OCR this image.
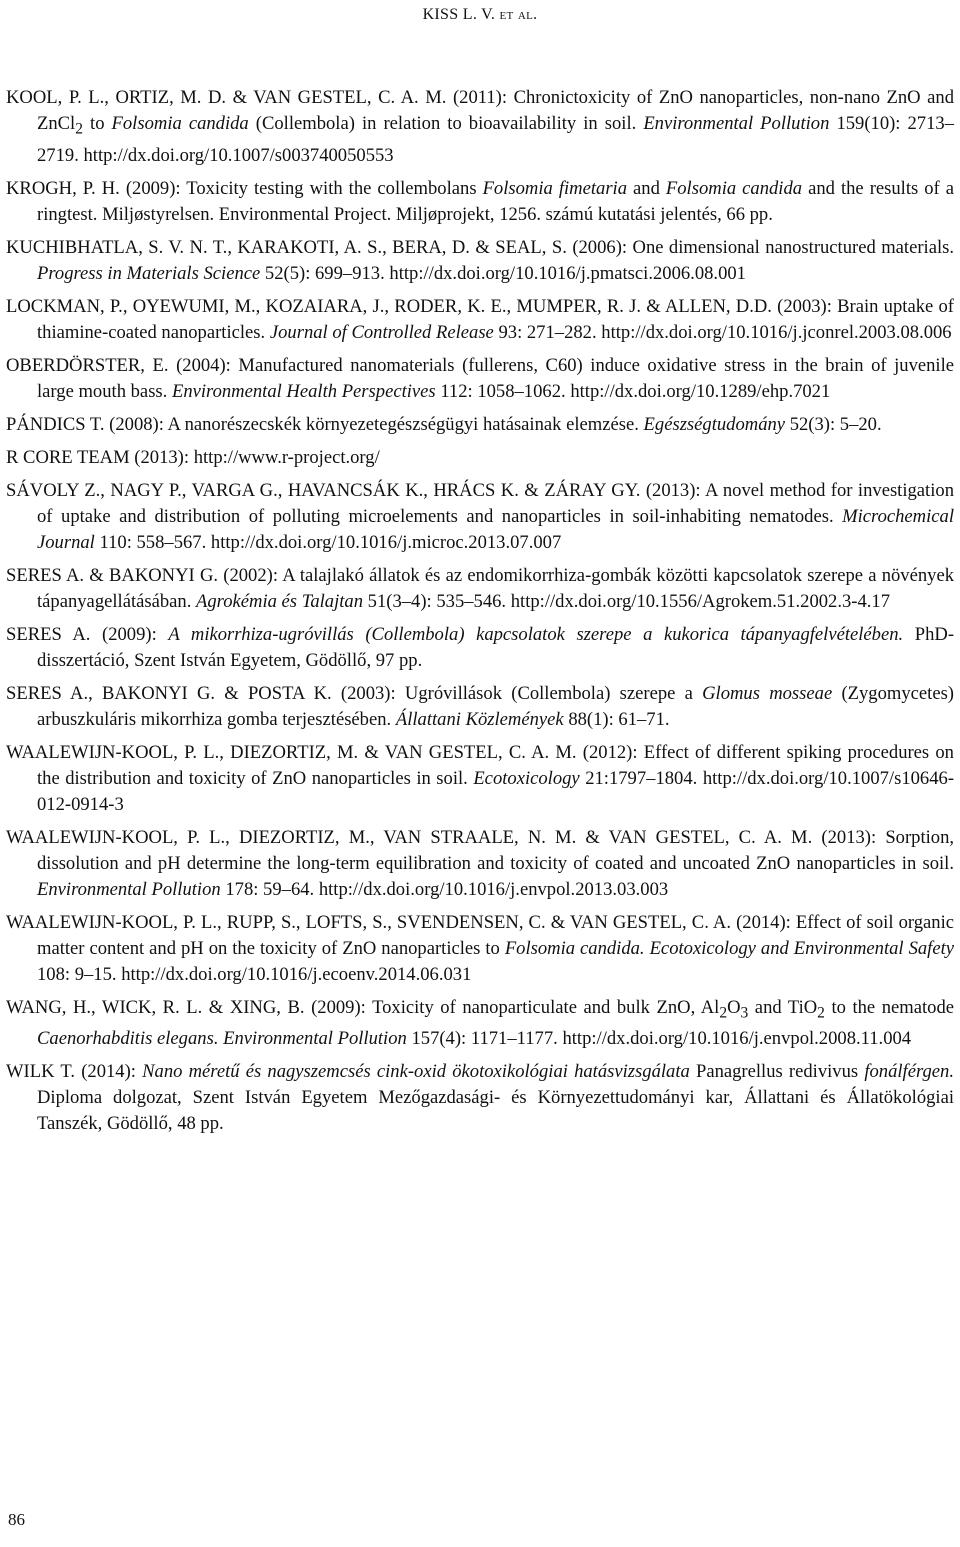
KISS L. V. et al.

KOOL, P. L., ORTIZ, M. D. & VAN GESTEL, C. A. M. (2011): Chronictoxicity of ZnO nanoparticles, non-nano ZnO and ZnCl$_2$ to Folsomia candida (Collembola) in relation to bioavailability in soil. Environmental Pollution 159(10): 2713–2719. http://dx.doi.org/10.1007/s003740050553

KROGH, P. H. (2009): Toxicity testing with the collembolans Folsomia fimetaria and Folsomia candida and the results of a ringtest. Miljøstyrelsen. Environmental Project. Miljøprojekt, 1256. számú kutatási jelentés, 66 pp.

KUCHIBHATLA, S. V. N. T., KARAKOTI, A. S., BERA, D. & SEAL, S. (2006): One dimensional nanostructured materials. Progress in Materials Science 52(5): 699–913. http://dx.doi.org/10.1016/j.pmatsci.2006.08.001

LOCKMAN, P., OYEWUMI, M., KOZAIARA, J., RODER, K. E., MUMPER, R. J. & ALLEN, D.D. (2003): Brain uptake of thiamine-coated nanoparticles. Journal of Controlled Release 93: 271–282. http://dx.doi.org/10.1016/j.jconrel.2003.08.006

OBERDÖRSTER, E. (2004): Manufactured nanomaterials (fullerens, C60) induce oxidative stress in the brain of juvenile large mouth bass. Environmental Health Perspectives 112: 1058–1062. http://dx.doi.org/10.1289/ehp.7021

PÁNDICS T. (2008): A nanorészecskék környezetegészségügyi hatásainak elemzése. Egészségtudomány 52(3): 5–20.

R CORE TEAM (2013): http://www.r-project.org/

SÁVOLY Z., NAGY P., VARGA G., HAVANCSÁK K., HRÁCS K. & ZÁRAY GY. (2013): A novel method for investigation of uptake and distribution of polluting microelements and nanoparticles in soil-inhabiting nematodes. Microchemical Journal 110: 558–567. http://dx.doi.org/10.1016/j.microc.2013.07.007

SERES A. & BAKONYI G. (2002): A talajlakó állatok és az endomikorrhiza-gombák közötti kapcsolatok szerepe a növények tápanyagellátásában. Agrokémia és Talajtan 51(3–4): 535–546. http://dx.doi.org/10.1556/Agrokem.51.2002.3-4.17

SERES A. (2009): A mikorrhiza-ugróvillás (Collembola) kapcsolatok szerepe a kukorica tápanyagfelvételében. PhD-disszertáció, Szent István Egyetem, Gödöllő, 97 pp.

SERES A., BAKONYI G. & POSTA K. (2003): Ugróvillások (Collembola) szerepe a Glomus mosseae (Zygomycetes) arbuszkuláris mikorrhiza gomba terjesztésében. Állattani Közlemények 88(1): 61–71.

WAALEWIJN-KOOL, P. L., DIEZORTIZ, M. & VAN GESTEL, C. A. M. (2012): Effect of different spiking procedures on the distribution and toxicity of ZnO nanoparticles in soil. Ecotoxicology 21:1797–1804. http://dx.doi.org/10.1007/s10646-012-0914-3

WAALEWIJN-KOOL, P. L., DIEZORTIZ, M., VAN STRAALE, N. M. & VAN GESTEL, C. A. M. (2013): Sorption, dissolution and pH determine the long-term equilibration and toxicity of coated and uncoated ZnO nanoparticles in soil. Environmental Pollution 178: 59–64. http://dx.doi.org/10.1016/j.envpol.2013.03.003

WAALEWIJN-KOOL, P. L., RUPP, S., LOFTS, S., SVENDENSEN, C. & VAN GESTEL, C. A. (2014): Effect of soil organic matter content and pH on the toxicity of ZnO nanoparticles to Folsomia candida. Ecotoxicology and Environmental Safety 108: 9–15. http://dx.doi.org/10.1016/j.ecoenv.2014.06.031

WANG, H., WICK, R. L. & XING, B. (2009): Toxicity of nanoparticulate and bulk ZnO, $Al_2O_3$ and TiO$_2$ to the nematode Caenorhabditis elegans. Environmental Pollution 157(4): 1171–1177. http://dx.doi.org/10.1016/j.envpol.2008.11.004

WILK T. (2014): Nano méretű és nagyszemcsés cink-oxid ökotoxikológiai hatásvizsgálata Panagrellus redivivus fonálférgen. Diploma dolgozat, Szent István Egyetem Mezőgazdasági- és Környezettudományi kar, Állattani és Állatökológiai Tanszék, Gödöllő, 48 pp.

86
